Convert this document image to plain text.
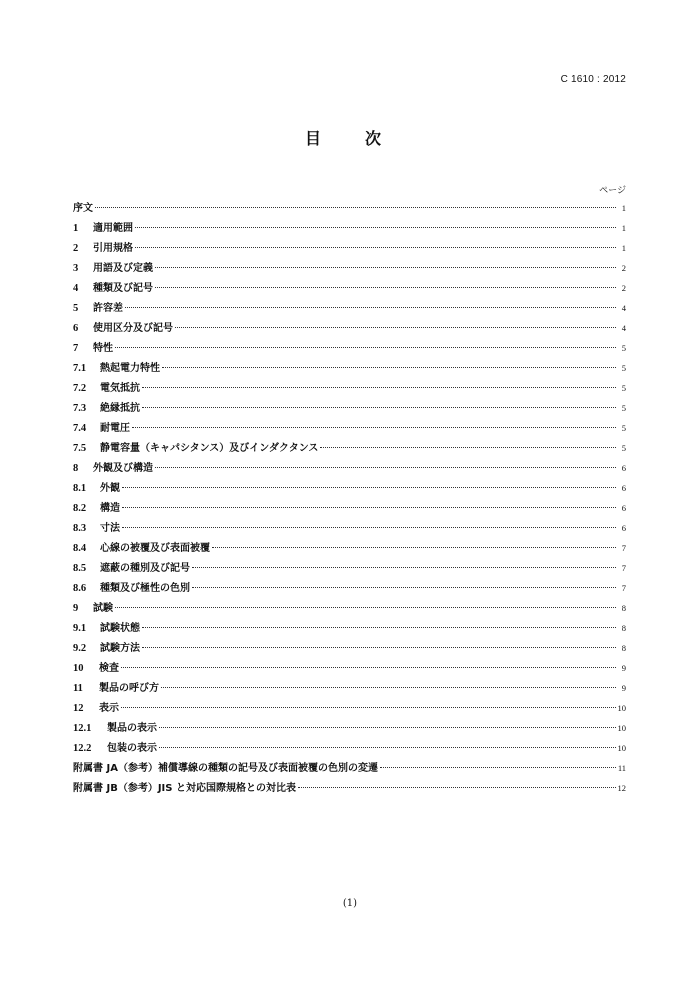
C 1610 : 2012
目　次
ページ
序文	1
1	適用範囲	1
2	引用規格	1
3	用語及び定義	2
4	種類及び記号	2
5	許容差	4
6	使用区分及び記号	4
7	特性	5
7.1	熱起電力特性	5
7.2	電気抵抗	5
7.3	絶縁抵抗	5
7.4	耐電圧	5
7.5	静電容量（キャパシタンス）及びインダクタンス	5
8	外観及び構造	6
8.1	外観	6
8.2	構造	6
8.3	寸法	6
8.4	心線の被覆及び表面被覆	7
8.5	遮蔽の種別及び記号	7
8.6	種類及び極性の色別	7
9	試験	8
9.1	試験状態	8
9.2	試験方法	8
10	検査	9
11	製品の呼び方	9
12	表示	10
12.1	製品の表示	10
12.2	包装の表示	10
附属書 JA（参考）補償導線の種類の記号及び表面被覆の色別の変遷	11
附属書 JB（参考）JIS と対応国際規格との対比表	12
(1)
